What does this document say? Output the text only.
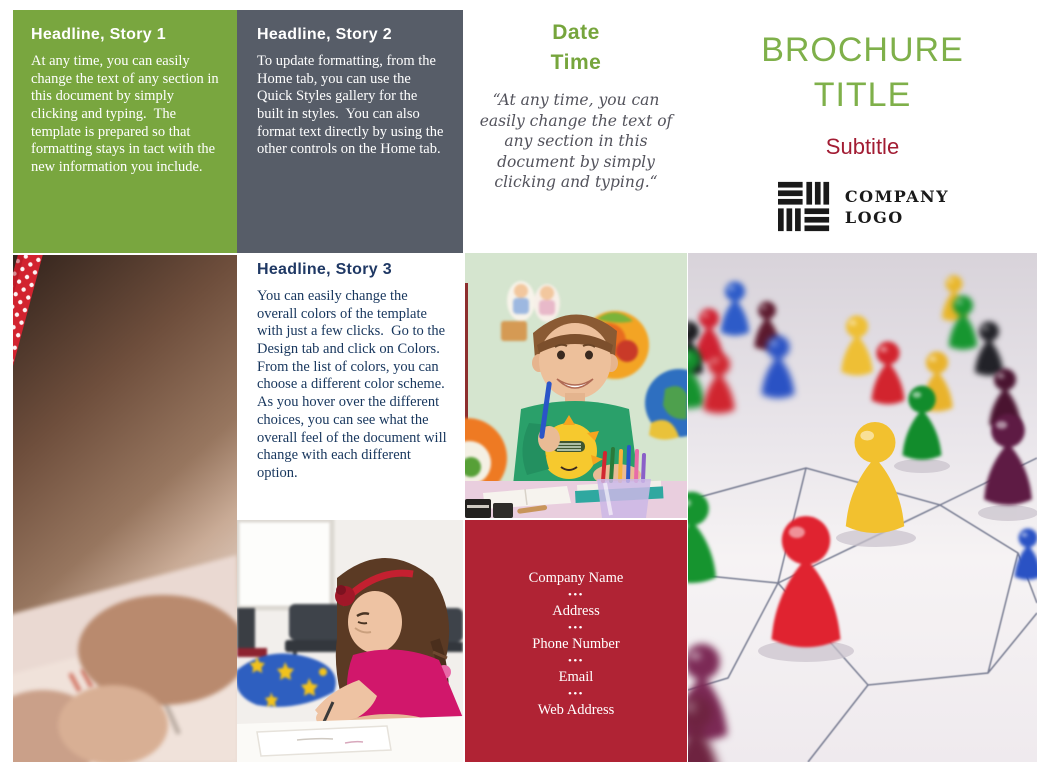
Headline, Story 1

At any time, you can easily change the text of any section in this document by simply clicking and typing.  The template is prepared so that formatting stays in tact with the new information you include.

Headline, Story 2

To update formatting, from the Home tab, you can use the Quick Styles gallery for the built in styles.  You can also format text directly by using the other controls on the Home tab.

Date
Time
“At any time, you can easily change the text of any section in this document by simply clicking and typing.“
BROCHURE
TITLE
Subtitle
COMPANY
LOGO
Headline, Story 3

You can easily change the overall colors of the template with just a few clicks.  Go to the Design tab and click on Colors.  From the list of colors, you can choose a different color scheme.  As you hover over the different choices, you can see what the overall feel of the document will change with each different option.

Company Name
•••
Address
•••
Phone Number
•••
Email
•••
Web Address
